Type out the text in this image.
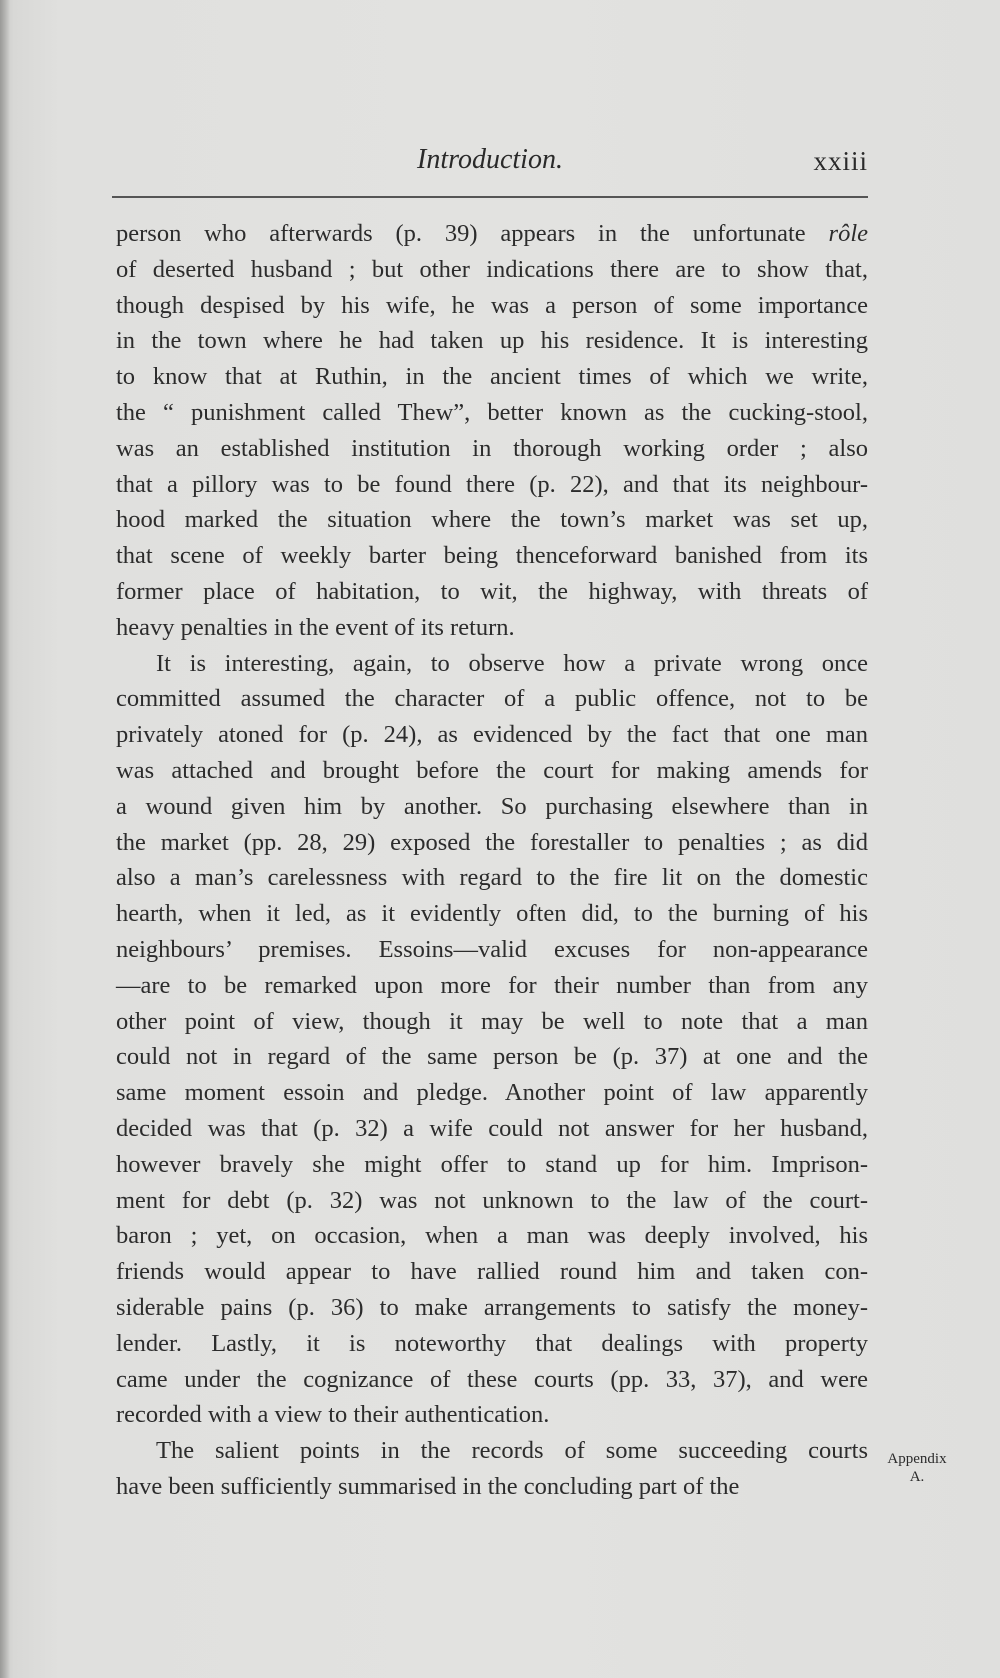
Introduction.	xxiii

person who afterwards (p. 39) appears in the unfortunate rôle
of deserted husband ; but other indications there are to show that,
though despised by his wife, he was a person of some importance
in the town where he had taken up his residence. It is interesting
to know that at Ruthin, in the ancient times of which we write,
the “ punishment called Thew”, better known as the cucking-stool,
was an established institution in thorough working order ; also
that a pillory was to be found there (p. 22), and that its neighbour-
hood marked the situation where the town’s market was set up,
that scene of weekly barter being thenceforward banished from its
former place of habitation, to wit, the highway, with threats of
heavy penalties in the event of its return.

It is interesting, again, to observe how a private wrong once
committed assumed the character of a public offence, not to be
privately atoned for (p. 24), as evidenced by the fact that one man
was attached and brought before the court for making amends for
a wound given him by another. So purchasing elsewhere than in
the market (pp. 28, 29) exposed the forestaller to penalties ; as did
also a man’s carelessness with regard to the fire lit on the domestic
hearth, when it led, as it evidently often did, to the burning of his
neighbours’ premises. Essoins—valid excuses for non-appearance
—are to be remarked upon more for their number than from any
other point of view, though it may be well to note that a man
could not in regard of the same person be (p. 37) at one and the
same moment essoin and pledge. Another point of law apparently
decided was that (p. 32) a wife could not answer for her husband,
however bravely she might offer to stand up for him. Imprison-
ment for debt (p. 32) was not unknown to the law of the court-
baron ; yet, on occasion, when a man was deeply involved, his
friends would appear to have rallied round him and taken con-
siderable pains (p. 36) to make arrangements to satisfy the money-
lender. Lastly, it is noteworthy that dealings with property
came under the cognizance of these courts (pp. 33, 37), and were
recorded with a view to their authentication.

The salient points in the records of some succeeding courts
have been sufficiently summarised in the concluding part of the

Appendix
A.
